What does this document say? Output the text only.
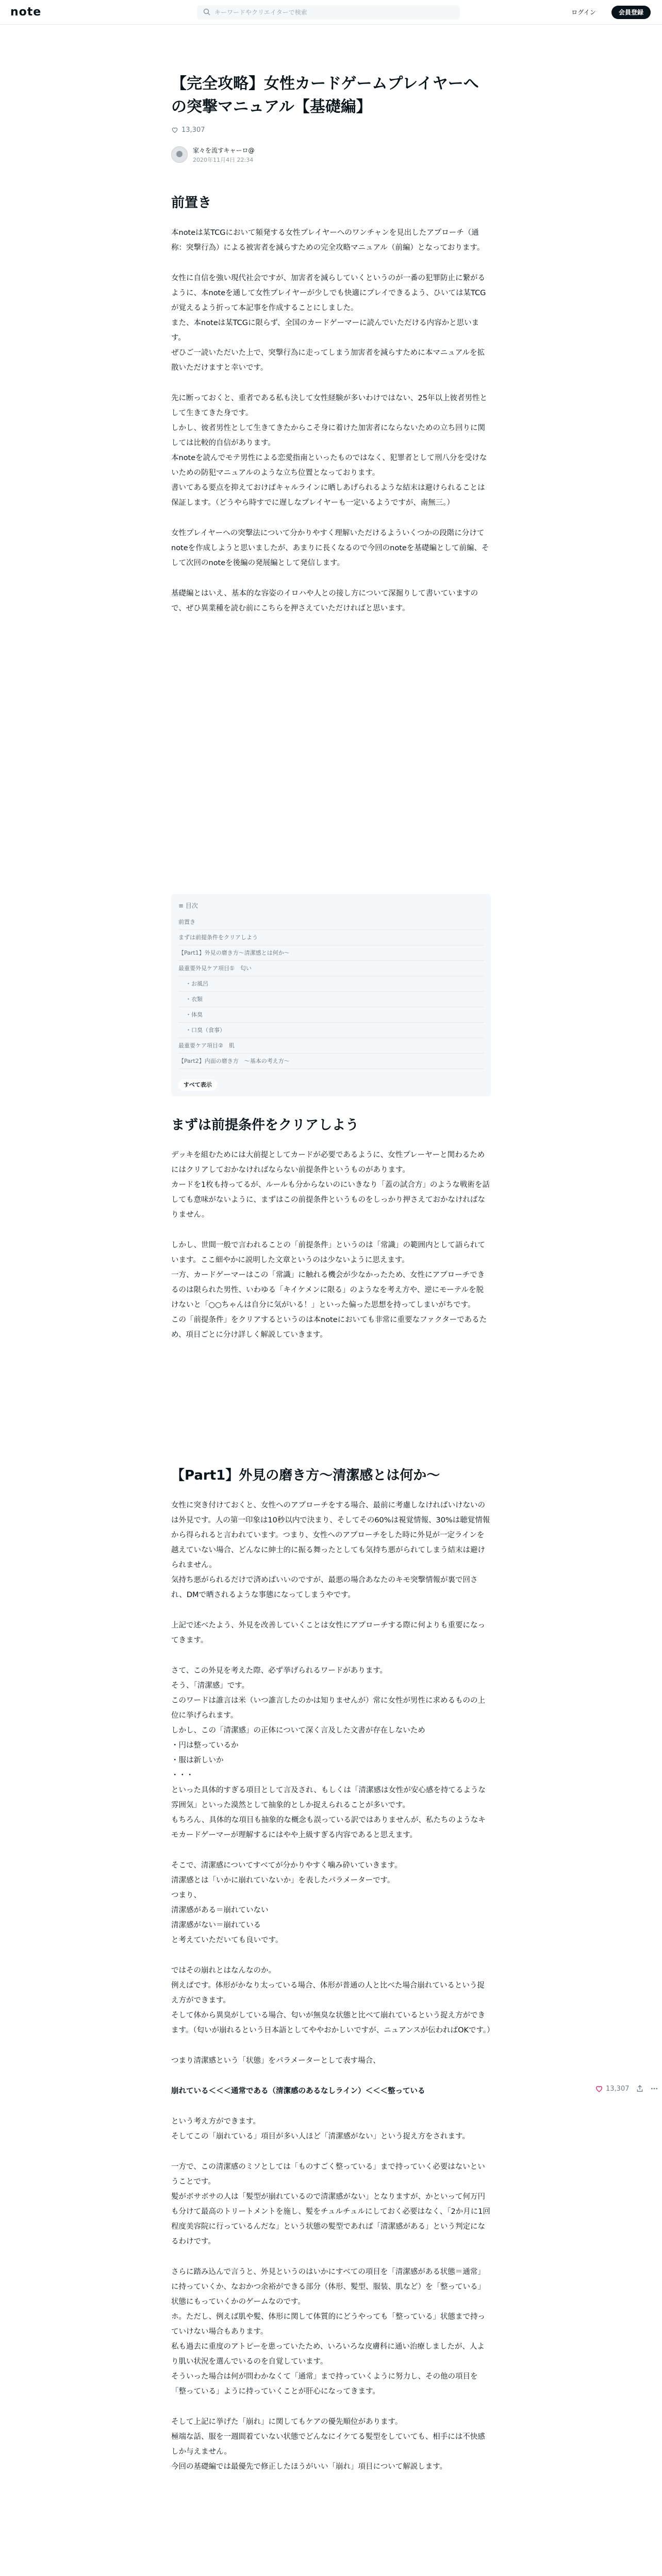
note
キーワードやクリエイターで検索	ログイン	会員登録
【完全攻略】女性カードゲームプレイヤーへの突撃マニュアル【基礎編】
13,307
家々を流すキャーロ@
2020年11月4日 22:34
前置き

本noteは某TCGにおいて頻発する女性プレイヤーへのワンチャンを見出したアプローチ（通称：突撃行為）による被害者を減らすための完全攻略マニュアル（前編）となっております。

女性に自信を強い現代社会ですが、加害者を減らしていくというのが一番の犯罪防止に繋がるように、本noteを通して女性プレイヤーが少しでも快適にプレイできるよう、ひいては某TCGが覚えるよう折って本記事を作成することにしました。
また、本noteは某TCGに限らず、全国のカードゲーマーに読んでいただける内容かと思います。
ぜひご一読いただいた上で、突撃行為に走ってしまう加害者を減らすために本マニュアルを拡散いただけますと幸いです。

先に断っておくと、重者である私も決して女性経験が多いわけではない、25年以上彼者男性として生きてきた身です。
しかし、彼者男性として生きてきたからこそ身に着けた加害者にならないための立ち回りに関しては比較的自信があります。
本noteを読んでモテ男性による恋愛指南といったものではなく、犯罪者として刑八分を受けないための防犯マニュアルのような立ち位置となっております。
書いてある要点を抑えておけばキャルラインに晒しあげられるような結末は避けられることは保証します。（どうやら時すでに遅しなプレイヤーも一定いるようですが、南無三。）

女性プレイヤーへの突撃法について分かりやすく理解いただけるよういくつかの段階に分けてnoteを作成しようと思いましたが、あまりに長くなるので今回のnoteを基礎編として前編、そして次回のnoteを後編の発展編として発信します。

基礎編とはいえ、基本的な容姿のイロハや人との接し方について深掘りして書いていますので、ぜひ異業種を読む前にこちらを押さえていただければと思います。

≡ 目次
前置き
まずは前提条件をクリアしよう
【Part1】外見の磨き方〜清潔感とは何か〜
最重要外見ケア項目①　匂い
・お風呂
・衣類
・体臭
・口臭（食事）
最重要ケア項目②　肌
【Part2】内面の磨き方　〜基本の考え方〜
すべて表示
まずは前提条件をクリアしよう

デッキを組むためには大前提としてカードが必要であるように、女性プレーヤーと関わるためにはクリアしておかなければならない前提条件というものがあります。
カードを1枚も持ってるが、ルールも分からないのにいきなり「蓋の試合方」のような戦術を話しても意味がないように、まずはこの前提条件というものをしっかり押さえておかなければなりません。

しかし、世間一般で言われることの「前提条件」というのは「常識」の範囲内として語られています。ここ細やかに説明した文章というのは少ないように思えます。
一方、カードゲーマーはこの「常識」に触れる機会が少なかったため、女性にアプローチできるのは限られた男性、いわゆる「キイケメンに限る」のようなを考え方や、逆にモーテルを脱けないと「○○ちゃんは自分に気がいる！」といった偏った思想を持ってしまいがちです。
この「前提条件」をクリアするというのは本noteにおいても非常に重要なファクターであるため、項目ごとに分け詳しく解説していきます。

【Part1】外見の磨き方〜清潔感とは何か〜

女性に突き付けておくと、女性へのアプローチをする場合、最前に考慮しなければいけないのは外見です。人の第一印象は10秒以内で決まり、そしてその60%は視覚情報、30%は聴覚情報から得られると言われています。つまり、女性へのアプローチをした時に外見が一定ラインを越えていない場合、どんなに紳士的に振る舞ったとしても気持ち悪がられてしまう結末は避けられません。
気持ち悪がられるだけで済めばいいのですが、最悪の場合あなたのキモ突撃情報が裏で回され、DMで晒されるような事態になってしまうやです。

上記で述べたよう、外見を改善していくことは女性にアプローチする際に何よりも重要になってきます。

さて、この外見を考えた際、必ず挙げられるワードがあります。
そう、「清潔感」です。
このワードは誰言は米（いつ誰言したのかは知りませんが）常に女性が男性に求めるものの上位に挙げられます。
しかし、この「清潔感」の正体について深く言及した文書が存在しないため
・円は整っているか
・服は新しいか
・・・
といった具体的すぎる項目として言及され、もしくは「清潔感は女性が安心感を持てるような雰囲気」といった漠然として抽象的としか捉えられることが多いです。
もちろん、具体的な項目も抽象的な概念も誤っている訳ではありませんが、私たちのようなキモカードゲーマーが理解するにはやや上級すぎる内容であると思えます。

そこで、清潔感についてすべてが分かりやすく噛み砕いていきます。
清潔感とは「いかに崩れていないか」を表したパラメーターです。
つまり、
清潔感がある＝崩れていない
清潔感がない＝崩れている
と考えていただいても良いです。

ではその崩れとはなんなのか。
例えばです。体形がかなり太っている場合、体形が普通の人と比べた場合崩れているという捉え方ができます。
そして体から異臭がしている場合、匂いが無臭な状態と比べて崩れているという捉え方ができます。（匂いが崩れるという日本語としてややおかしいですが、ニュアンスが伝わればOKです。）

つまり清潔感という「状態」をパラメーターとして表す場合、

崩れている＜＜＜通常である（清潔感のあるなしライン）＜＜＜整っている

という考え方ができます。
そしてこの「崩れている」項目が多い人ほど「清潔感がない」という捉え方をされます。

一方で、この清潔感のミソとしては「ものすごく整っている」まで持っていく必要はないということです。
髪がボサボサの人は「髪型が崩れているので清潔感がない」となりますが、かといって何万円も分けて最高のトリートメントを施し、髪をチュルチュルにしておく必要はなく、「2か月に1回程度美容院に行っているんだな」という状態の髪型であれば「清潔感がある」という判定になるわけです。

さらに踏み込んで言うと、外見というのはいかにすべての項目を「清潔感がある状態＝通常」に持っていくか、なおかつ余裕ができる部分（体形、髪型、服装、肌など）を「整っている」状態にもっていくかのゲームなのです。
ホ。ただし、例えば肌や髪、体形に関して体質的にどうやっても「整っている」状態まで持っていけない場合もあります。
私も過去に重度のアトピーを患っていたため、いろいろな皮膚科に通い治療しましたが、人より肌い状況を選んでいるのを自覚しています。
そういった場合は何が問わかなくて「通常」まで持っていくように努力し、その他の項目を「整っている」ように持っていくことが肝心になってきます。

そして上記に挙げた「崩れ」に関してもケアの優先順位があります。
極端な話、服を一週間着ていない状態でどんなにイケてる髪型をしていても、相手には不快感しか与えません。
今回の基礎編では最優先で修正したほうがいい「崩れ」項目について解説します。

13,307
